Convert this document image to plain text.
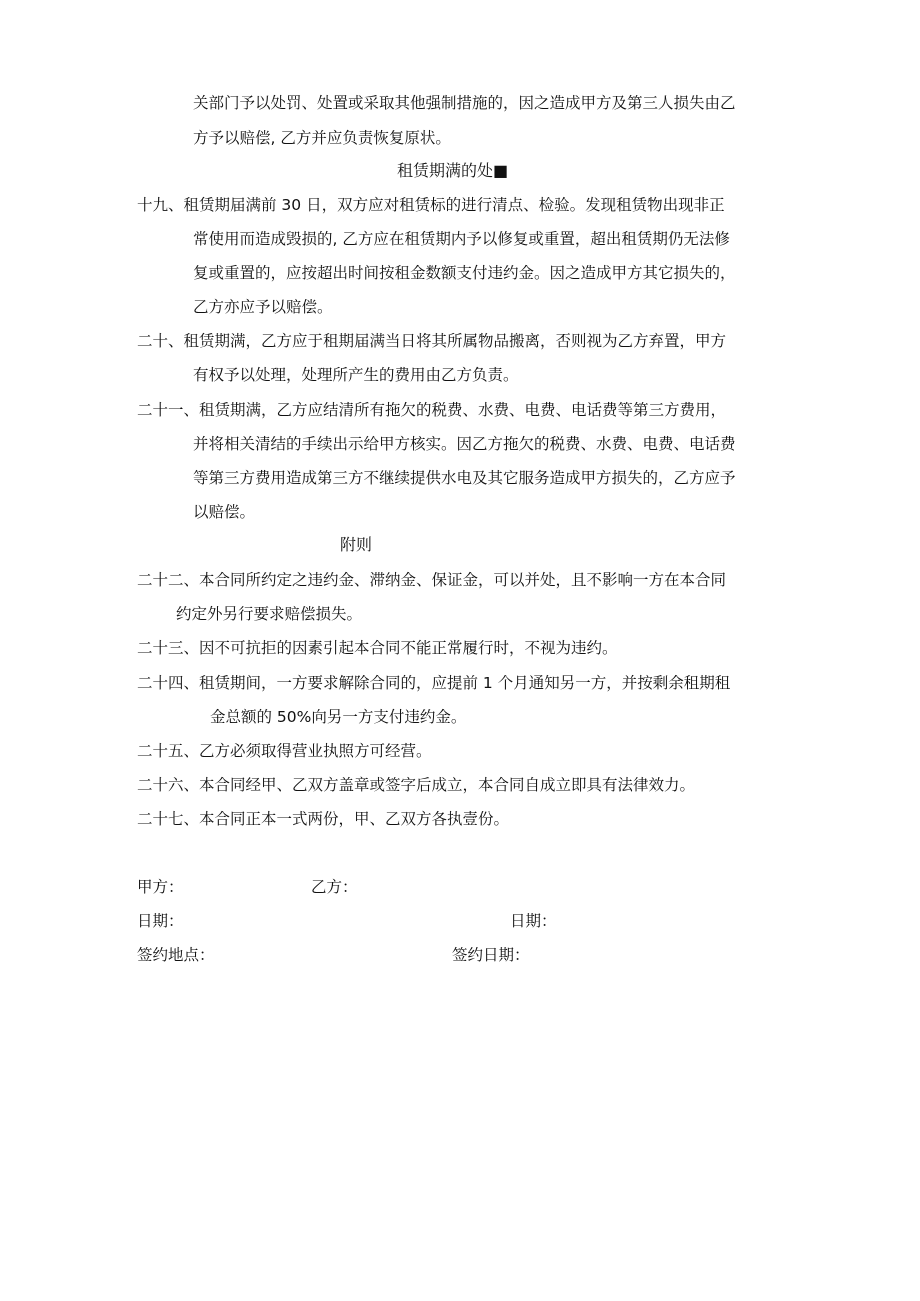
关部门予以处罚、处置或采取其他强制措施的，因之造成甲方及第三人损失由乙
方予以赔偿, 乙方并应负责恢复原状。
租赁期满的处■
十九、租赁期届满前 30 日，双方应对租赁标的进行清点、检验。发现租赁物出现非正
常使用而造成毁损的, 乙方应在租赁期内予以修复或重置，超出租赁期仍无法修
复或重置的，应按超出时间按租金数额支付违约金。因之造成甲方其它损失的，
乙方亦应予以赔偿。
二十、租赁期满，乙方应于租期届满当日将其所属物品搬离，否则视为乙方弃置，甲方
有权予以处理，处理所产生的费用由乙方负责。
二十一、租赁期满，乙方应结清所有拖欠的税费、水费、电费、电话费等第三方费用，
并将相关清结的手续出示给甲方核实。因乙方拖欠的税费、水费、电费、电话费
等第三方费用造成第三方不继续提供水电及其它服务造成甲方损失的，乙方应予
以赔偿。
附则
二十二、本合同所约定之违约金、滞纳金、保证金，可以并处，且不影响一方在本合同
约定外另行要求赔偿损失。
二十三、因不可抗拒的因素引起本合同不能正常履行时，不视为违约。
二十四、租赁期间，一方要求解除合同的，应提前 1 个月通知另一方，并按剩余租期租
金总额的 50%向另一方支付违约金。
二十五、乙方必须取得营业执照方可经营。
二十六、本合同经甲、乙双方盖章或签字后成立，本合同自成立即具有法律效力。
二十七、本合同正本一式两份，甲、乙双方各执壹份。
甲方：	乙方：
日期：	日期：
签约地点：	签约日期：
